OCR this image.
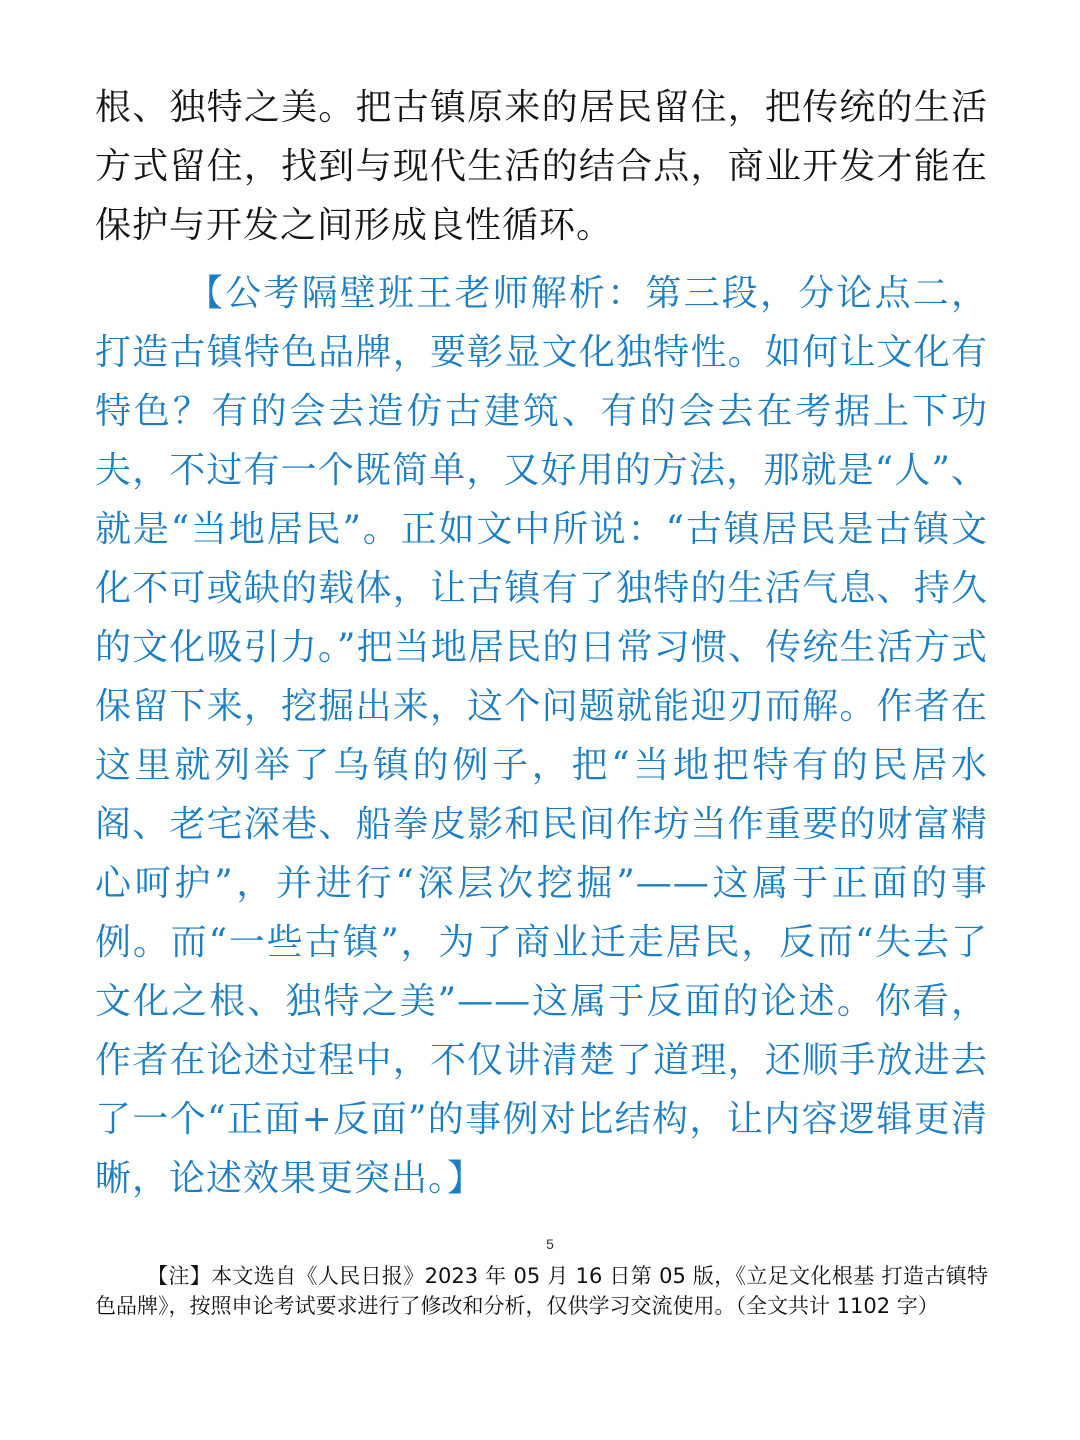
根、独特之美。把古镇原来的居民留住，把传统的生活方式留住，找到与现代生活的结合点，商业开发才能在保护与开发之间形成良性循环。

【公考隔壁班王老师解析：第三段，分论点二，打造古镇特色品牌，要彰显文化独特性。如何让文化有特色？有的会去造仿古建筑、有的会去在考据上下功夫，不过有一个既简单，又好用的方法，那就是“人”、就是“当地居民”。正如文中所说：“古镇居民是古镇文化不可或缺的载体，让古镇有了独特的生活气息、持久的文化吸引力。”把当地居民的日常习惯、传统生活方式保留下来，挖掘出来，这个问题就能迎刃而解。作者在这里就列举了乌镇的例子，把“当地把特有的民居水阁、老宅深巷、船拳皮影和民间作坊当作重要的财富精心呵护”，并进行“深层次挖掘”——这属于正面的事例。而“一些古镇”，为了商业迁走居民，反而“失去了文化之根、独特之美”——这属于反面的论述。你看，作者在论述过程中，不仅讲清楚了道理，还顺手放进去了一个“正面+反面”的事例对比结构，让内容逻辑更清晰，论述效果更突出。】

5

【注】本文选自《人民日报》2023 年 05 月 16 日第 05 版，《立足文化根基 打造古镇特色品牌》，按照申论考试要求进行了修改和分析，仅供学习交流使用。（全文共计 1102 字）
